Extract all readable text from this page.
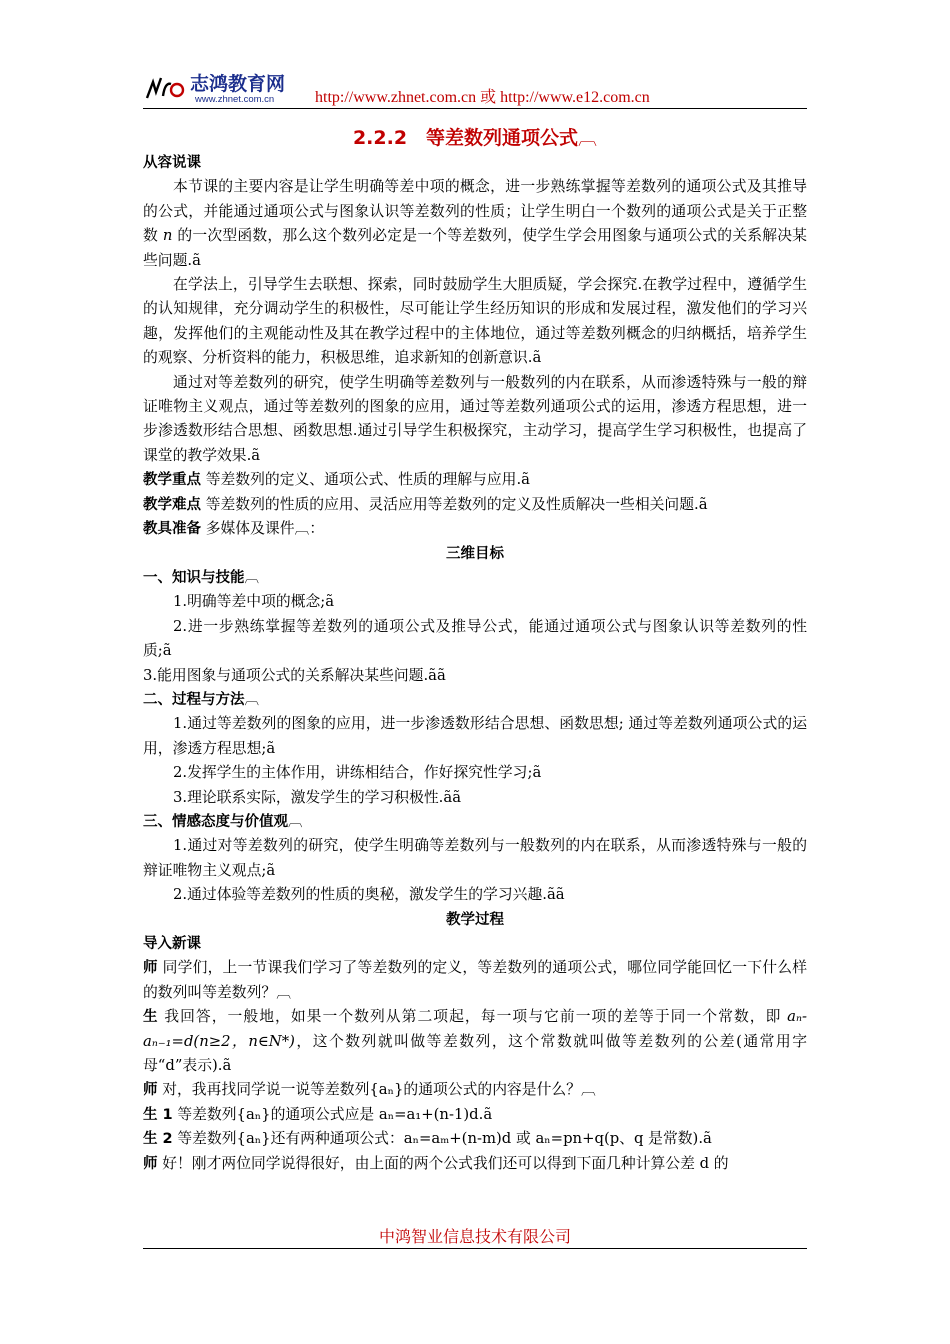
志鸿教育网
www.zhnet.com.cn	http://www.zhnet.com.cn 或 http://www.e12.com.cn
2.2.2　等差数列通项公式︹

从容说课

本节课的主要内容是让学生明确等差中项的概念，进一步熟练掌握等差数列的通项公式及其推导的公式，并能通过通项公式与图象认识等差数列的性质；让学生明白一个数列的通项公式是关于正整数 n 的一次型函数，那么这个数列必定是一个等差数列，使学生学会用图象与通项公式的关系解决某些问题.ã

在学法上，引导学生去联想、探索，同时鼓励学生大胆质疑，学会探究.在教学过程中，遵循学生的认知规律，充分调动学生的积极性，尽可能让学生经历知识的形成和发展过程，激发他们的学习兴趣，发挥他们的主观能动性及其在教学过程中的主体地位，通过等差数列概念的归纳概括，培养学生的观察、分析资料的能力，积极思维，追求新知的创新意识.ã

通过对等差数列的研究，使学生明确等差数列与一般数列的内在联系，从而渗透特殊与一般的辩证唯物主义观点，通过等差数列的图象的应用，通过等差数列通项公式的运用，渗透方程思想，进一步渗透数形结合思想、函数思想.通过引导学生积极探究，主动学习，提高学生学习积极性，也提高了课堂的教学效果.ã

教学重点 等差数列的定义、通项公式、性质的理解与应用.ã

教学难点 等差数列的性质的应用、灵活应用等差数列的定义及性质解决一些相关问题.ã

教具准备 多媒体及课件︹：

三维目标

一、知识与技能︹

1.明确等差中项的概念;ã

2.进一步熟练掌握等差数列的通项公式及推导公式，能通过通项公式与图象认识等差数列的性质;ã

3.能用图象与通项公式的关系解决某些问题.ãã

二、过程与方法︹

1.通过等差数列的图象的应用，进一步渗透数形结合思想、函数思想; 通过等差数列通项公式的运用，渗透方程思想;ã

2.发挥学生的主体作用，讲练相结合，作好探究性学习;ã

3.理论联系实际，激发学生的学习积极性.ãã

三、情感态度与价值观︹

1.通过对等差数列的研究，使学生明确等差数列与一般数列的内在联系，从而渗透特殊与一般的辩证唯物主义观点;ã

2.通过体验等差数列的性质的奥秘，激发学生的学习兴趣.ãã

教学过程

导入新课

师 同学们，上一节课我们学习了等差数列的定义，等差数列的通项公式，哪位同学能回忆一下什么样的数列叫等差数列？︹

生 我回答，一般地，如果一个数列从第二项起，每一项与它前一项的差等于同一个常数，即 aₙ-aₙ₋₁=d(n≥2，n∈N*)，这个数列就叫做等差数列，这个常数就叫做等差数列的公差(通常用字母“d”表示).ã

师 对，我再找同学说一说等差数列{aₙ}的通项公式的内容是什么？︹

生 1 等差数列{aₙ}的通项公式应是 aₙ=a₁+(n-1)d.ã

生 2 等差数列{aₙ}还有两种通项公式：aₙ=aₘ+(n-m)d 或 aₙ=pn+q(p、q 是常数).ã

师 好！刚才两位同学说得很好，由上面的两个公式我们还可以得到下面几种计算公差 d 的

中鸿智业信息技术有限公司
